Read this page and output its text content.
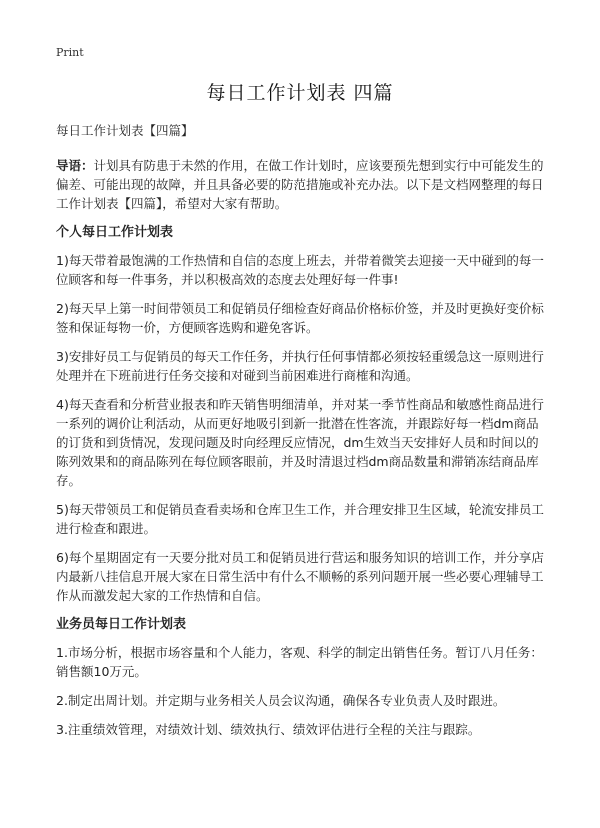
Print
每日工作计划表 四篇

每日工作计划表【四篇】

导语：计划具有防患于未然的作用，在做工作计划时，应该要预先想到实行中可能发生的偏差、可能出现的故障，并且具备必要的防范措施或补充办法。以下是文档网整理的每日工作计划表【四篇】，希望对大家有帮助。

个人每日工作计划表

1)每天带着最饱满的工作热情和自信的态度上班去，并带着微笑去迎接一天中碰到的每一位顾客和每一件事务，并以积极高效的态度去处理好每一件事!

2)每天早上第一时间带领员工和促销员仔细检查好商品价格标价签，并及时更换好变价标签和保证每物一价，方便顾客选购和避免客诉。

3)安排好员工与促销员的每天工作任务，并执行任何事情都必须按轻重缓急这一原则进行处理并在下班前进行任务交接和对碰到当前困难进行商榷和沟通。

4)每天查看和分析营业报表和昨天销售明细清单，并对某一季节性商品和敏感性商品进行一系列的调价让利活动，从而更好地吸引到新一批潜在性客流，并跟踪好每一档dm商品的订货和到货情况，发现问题及时向经理反应情况，dm生效当天安排好人员和时间以的陈列效果和的商品陈列在每位顾客眼前，并及时清退过档dm商品数量和滞销冻结商品库存。

5)每天带领员工和促销员查看卖场和仓库卫生工作，并合理安排卫生区域，轮流安排员工进行检查和跟进。

6)每个星期固定有一天要分批对员工和促销员进行营运和服务知识的培训工作，并分享店内最新八挂信息开展大家在日常生活中有什么不顺畅的系列问题开展一些必要心理辅导工作从而激发起大家的工作热情和自信。

业务员每日工作计划表

1.市场分析，根据市场容量和个人能力，客观、科学的制定出销售任务。暂订八月任务：销售额10万元。

2.制定出周计划。并定期与业务相关人员会议沟通，确保各专业负责人及时跟进。

3.注重绩效管理，对绩效计划、绩效执行、绩效评估进行全程的关注与跟踪。
